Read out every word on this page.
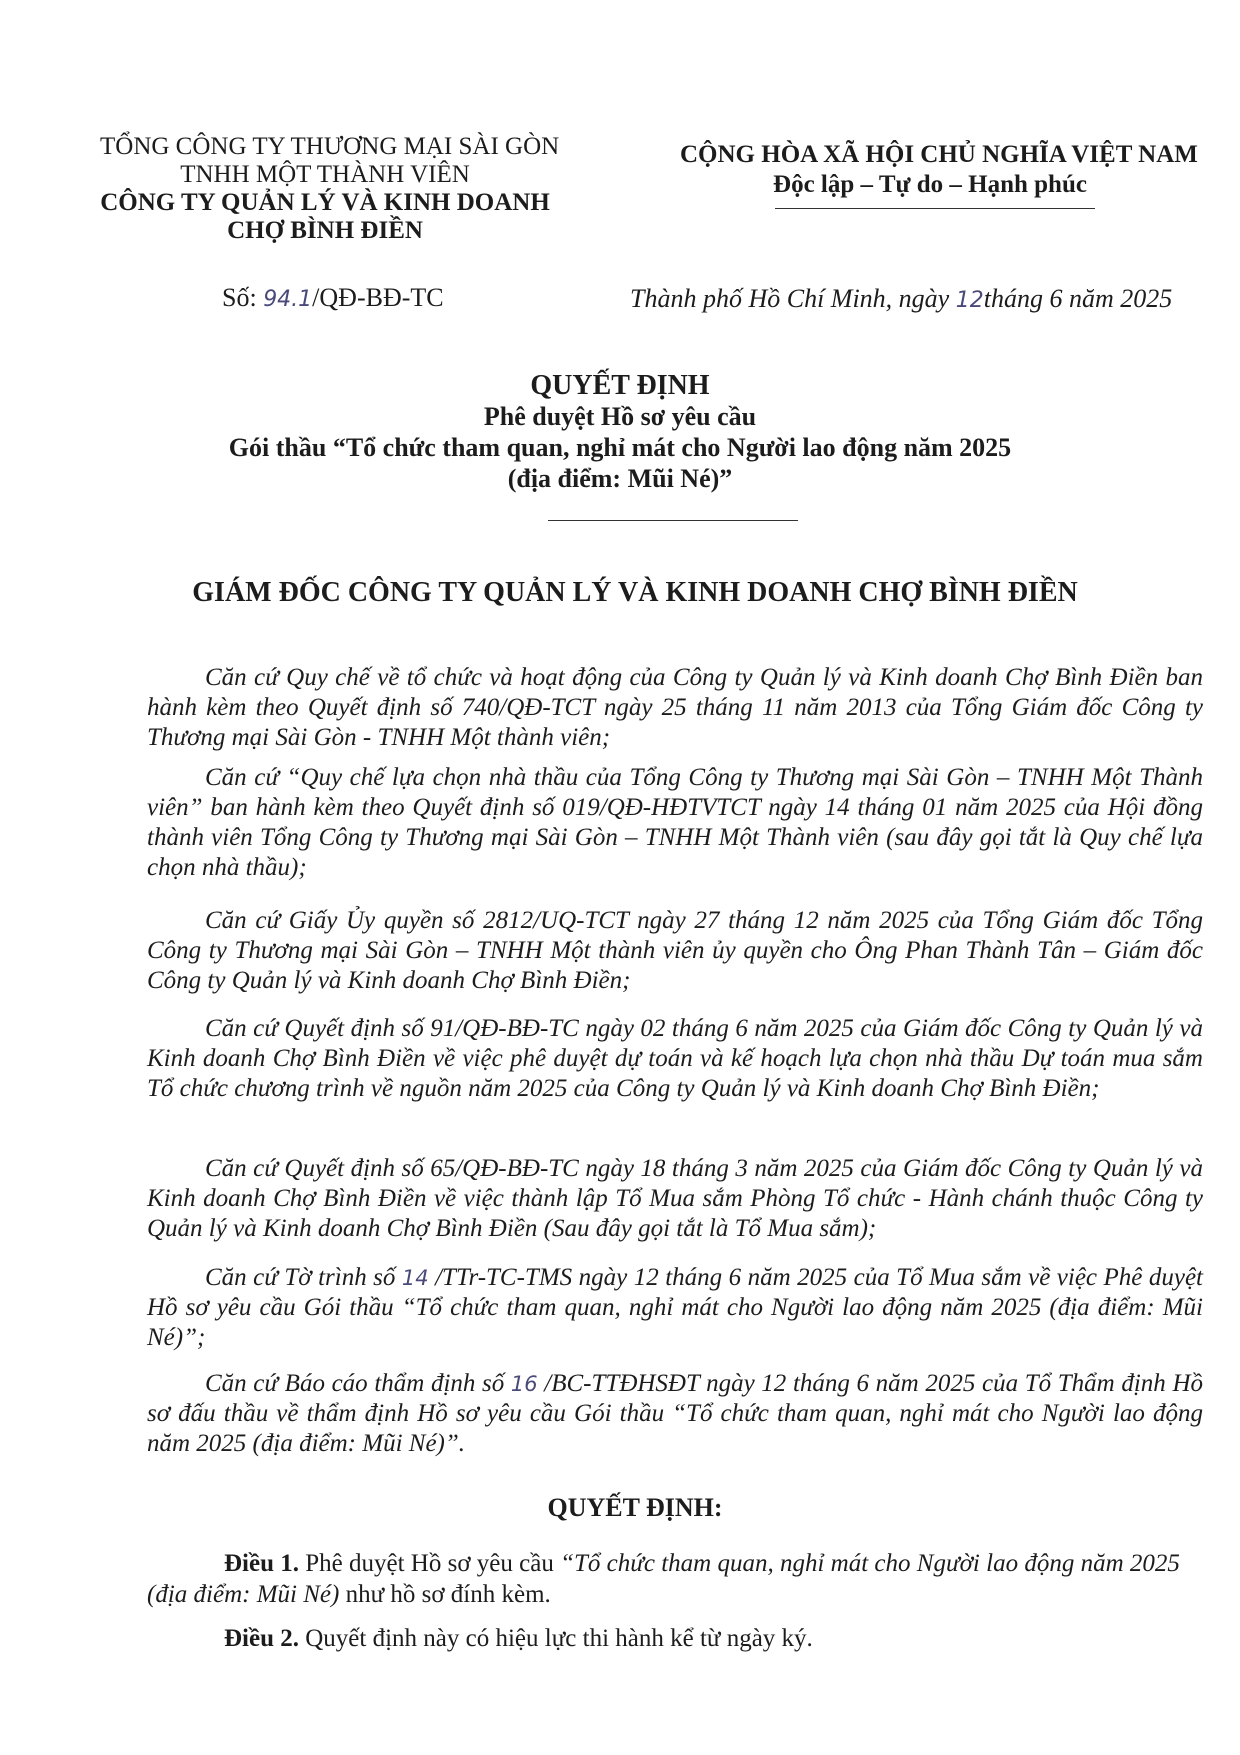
TỔNG CÔNG TY THƯƠNG MẠI SÀI GÒN
TNHH MỘT THÀNH VIÊN
CÔNG TY QUẢN LÝ VÀ KINH DOANH
CHỢ BÌNH ĐIỀN
CỘNG HÒA XÃ HỘI CHỦ NGHĨA VIỆT NAM
Độc lập – Tự do – Hạnh phúc
Số: 94.1/QĐ-BĐ-TC	Thành phố Hồ Chí Minh, ngày 12tháng 6 năm 2025
QUYẾT ĐỊNH
Phê duyệt Hồ sơ yêu cầu
Gói thầu “Tổ chức tham quan, nghỉ mát cho Người lao động năm 2025
(địa điểm: Mũi Né)”
GIÁM ĐỐC CÔNG TY QUẢN LÝ VÀ KINH DOANH CHỢ BÌNH ĐIỀN
Căn cứ Quy chế về tổ chức và hoạt động của Công ty Quản lý và Kinh doanh Chợ Bình Điền ban hành kèm theo Quyết định số 740/QĐ-TCT ngày 25 tháng 11 năm 2013 của Tổng Giám đốc Công ty Thương mại Sài Gòn - TNHH Một thành viên;
Căn cứ “Quy chế lựa chọn nhà thầu của Tổng Công ty Thương mại Sài Gòn – TNHH Một Thành viên” ban hành kèm theo Quyết định số 019/QĐ-HĐTVTCT ngày 14 tháng 01 năm 2025 của Hội đồng thành viên Tổng Công ty Thương mại Sài Gòn – TNHH Một Thành viên (sau đây gọi tắt là Quy chế lựa chọn nhà thầu);
Căn cứ Giấy Ủy quyền số 2812/UQ-TCT ngày 27 tháng 12 năm 2025 của Tổng Giám đốc Tổng Công ty Thương mại Sài Gòn – TNHH Một thành viên ủy quyền cho Ông Phan Thành Tân – Giám đốc Công ty Quản lý và Kinh doanh Chợ Bình Điền;
Căn cứ Quyết định số 91/QĐ-BĐ-TC ngày 02 tháng 6 năm 2025 của Giám đốc Công ty Quản lý và Kinh doanh Chợ Bình Điền về việc phê duyệt dự toán và kế hoạch lựa chọn nhà thầu Dự toán mua sắm Tổ chức chương trình về nguồn năm 2025 của Công ty Quản lý và Kinh doanh Chợ Bình Điền;
Căn cứ Quyết định số 65/QĐ-BĐ-TC ngày 18 tháng 3 năm 2025 của Giám đốc Công ty Quản lý và Kinh doanh Chợ Bình Điền về việc thành lập Tổ Mua sắm Phòng Tổ chức - Hành chánh thuộc Công ty Quản lý và Kinh doanh Chợ Bình Điền (Sau đây gọi tắt là Tổ Mua sắm);
Căn cứ Tờ trình số 14 /TTr-TC-TMS ngày 12 tháng 6 năm 2025 của Tổ Mua sắm về việc Phê duyệt Hồ sơ yêu cầu Gói thầu “Tổ chức tham quan, nghỉ mát cho Người lao động năm 2025 (địa điểm: Mũi Né)”;
Căn cứ Báo cáo thẩm định số 16 /BC-TTĐHSĐT ngày 12 tháng 6 năm 2025 của Tổ Thẩm định Hồ sơ đấu thầu về thẩm định Hồ sơ yêu cầu Gói thầu “Tổ chức tham quan, nghỉ mát cho Người lao động năm 2025 (địa điểm: Mũi Né)”.
QUYẾT ĐỊNH:
Điều 1. Phê duyệt Hồ sơ yêu cầu “Tổ chức tham quan, nghỉ mát cho Người lao động năm 2025 (địa điểm: Mũi Né) như hồ sơ đính kèm.
Điều 2. Quyết định này có hiệu lực thi hành kể từ ngày ký.
